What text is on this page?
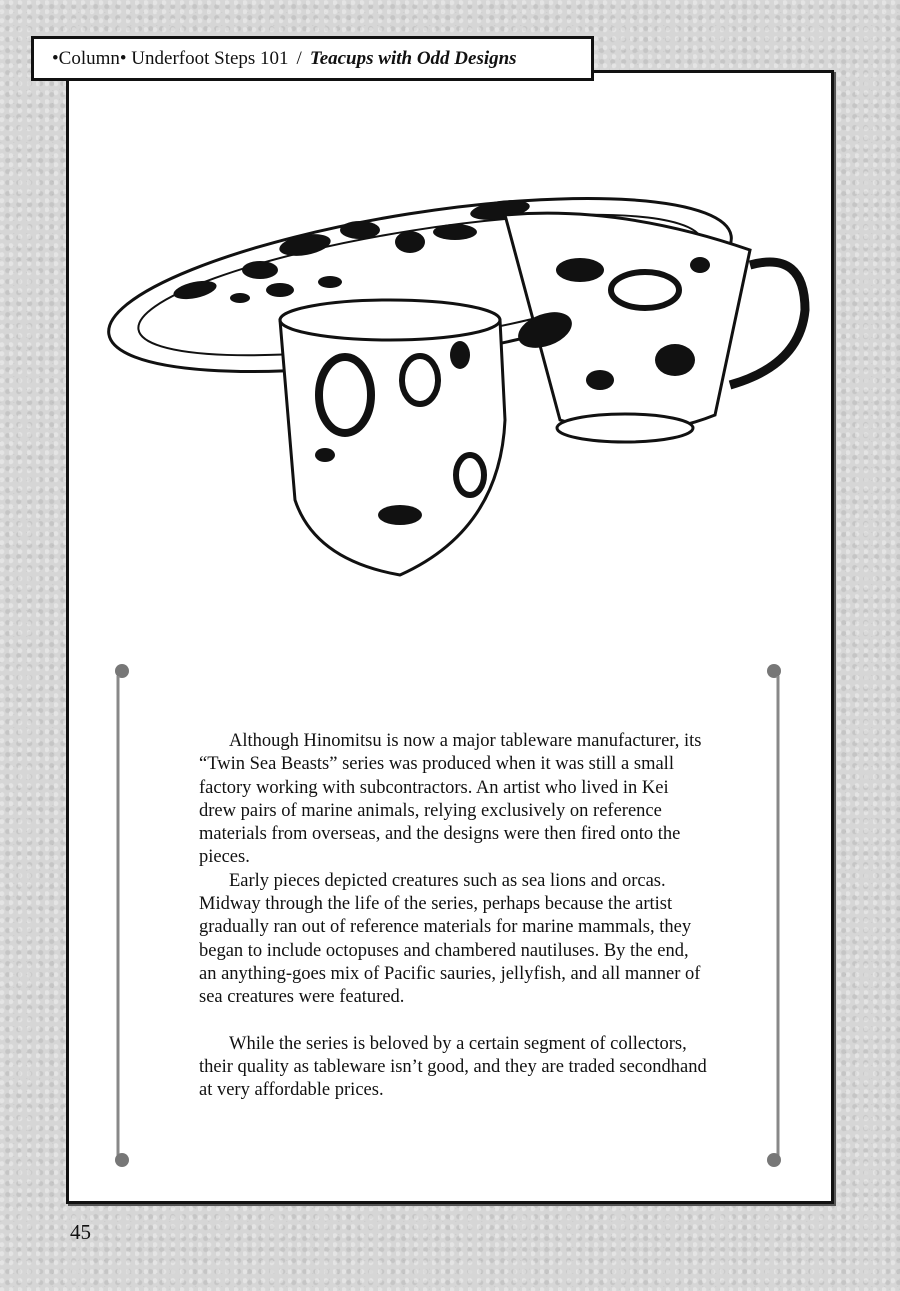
•Column• Underfoot Steps 101 / Teacups with Odd Designs

Although Hinomitsu is now a major tableware manufacturer, its “Twin Sea Beasts” series was produced when it was still a small factory working with subcontractors. An artist who lived in Kei drew pairs of marine animals, relying exclusively on reference materials from overseas, and the designs were then fired onto the pieces.

Early pieces depicted creatures such as sea lions and orcas. Midway through the life of the series, perhaps because the artist gradually ran out of reference materials for marine mammals, they began to include octopuses and chambered nautiluses. By the end, an anything-goes mix of Pacific sauries, jellyfish, and all manner of sea creatures were featured.

While the series is beloved by a certain segment of collectors, their quality as tableware isn’t good, and they are traded secondhand at very affordable prices.

45
